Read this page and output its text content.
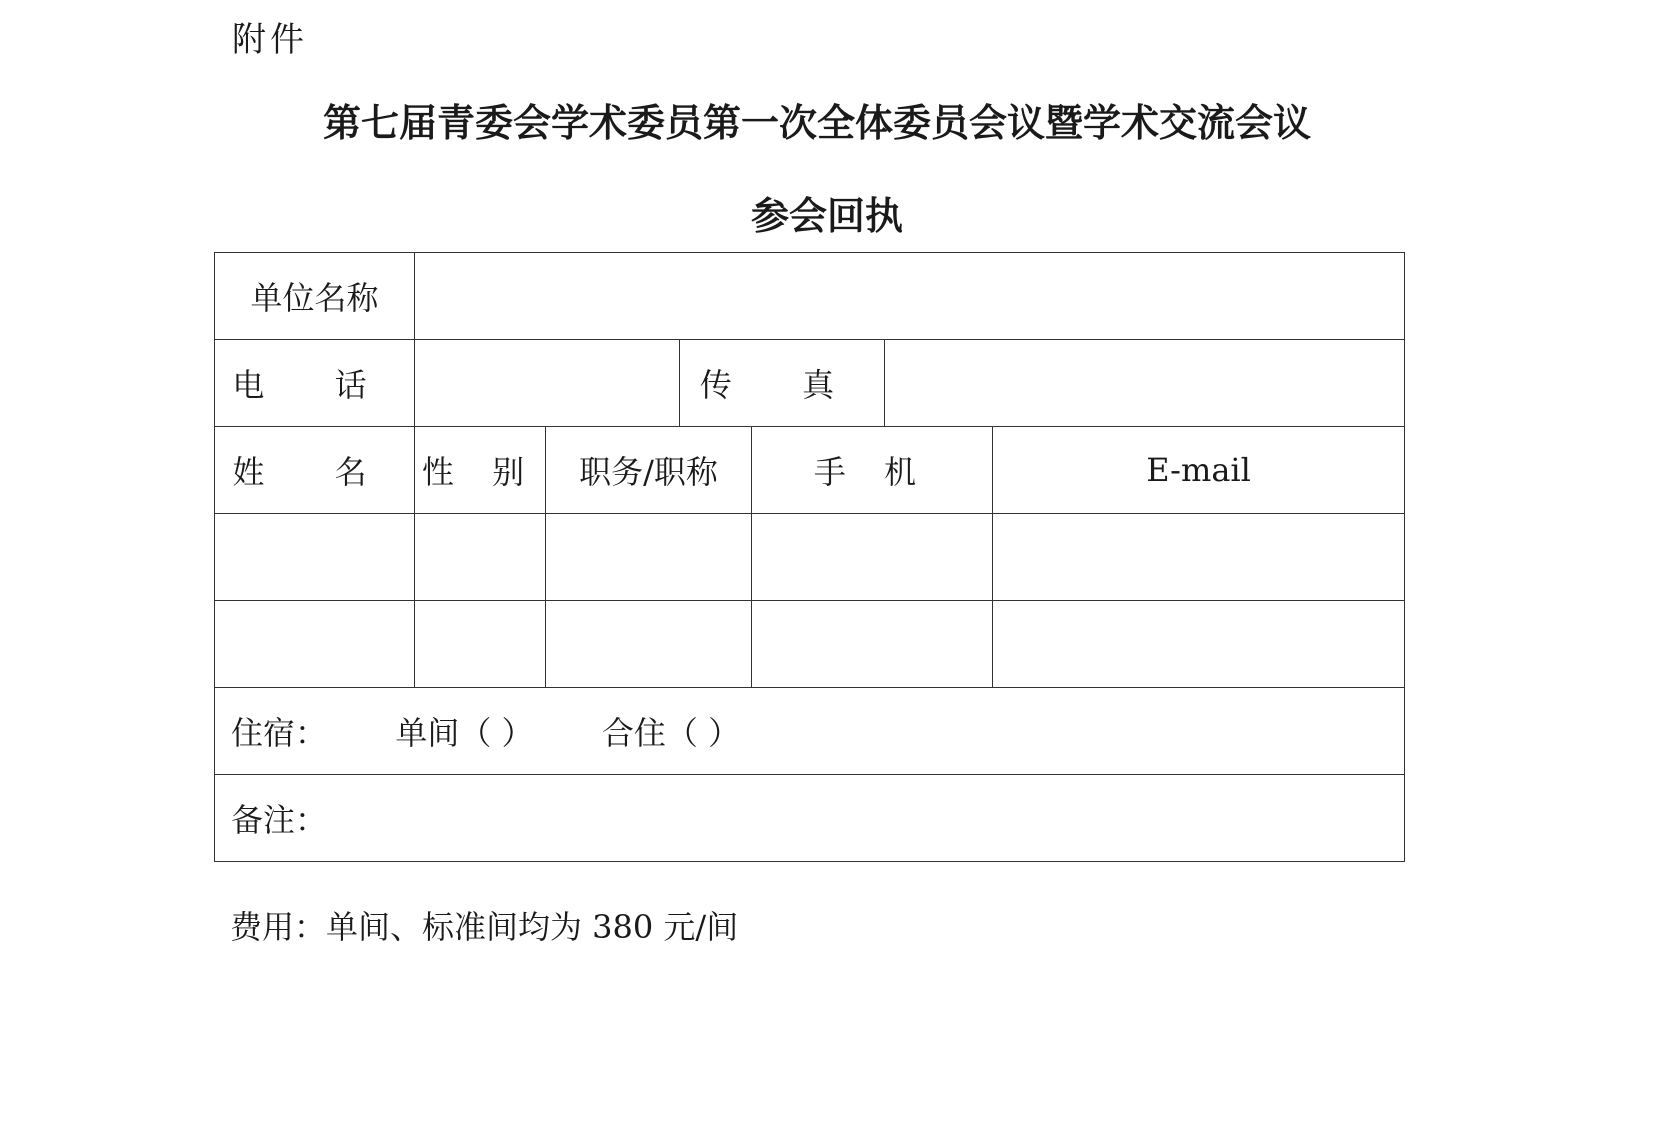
附件
第七届青委会学术委员第一次全体委员会议暨学术交流会议
参会回执
单位名称						
电 话			传 真			
姓 名	性 别	职务/职称		手 机		E-mail

住宿： 单间（ ） 合住（ ）						
备注：						
费用：单间、标准间均为 380 元/间
